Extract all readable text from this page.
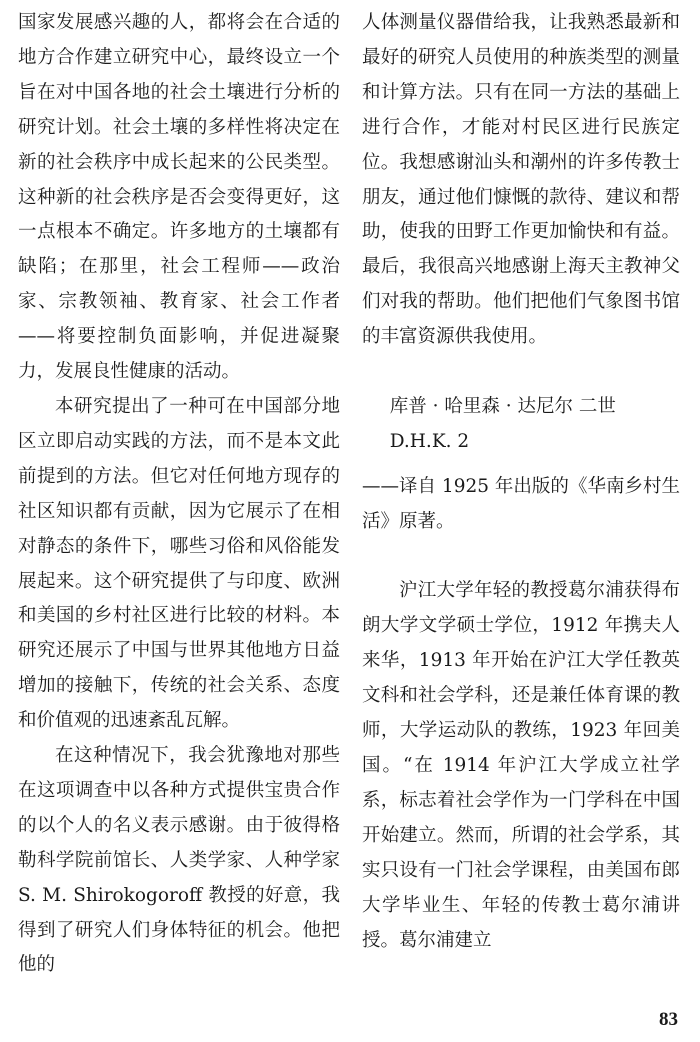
国家发展感兴趣的人，都将会在合适的地方合作建立研究中心，最终设立一个旨在对中国各地的社会土壤进行分析的研究计划。社会土壤的多样性将决定在新的社会秩序中成长起来的公民类型。这种新的社会秩序是否会变得更好，这一点根本不确定。许多地方的土壤都有缺陷；在那里，社会工程师——政治家、宗教领袖、教育家、社会工作者——将要控制负面影响，并促进凝聚力，发展良性健康的活动。

本研究提出了一种可在中国部分地区立即启动实践的方法，而不是本文此前提到的方法。但它对任何地方现存的社区知识都有贡献，因为它展示了在相对静态的条件下，哪些习俗和风俗能发展起来。这个研究提供了与印度、欧洲和美国的乡村社区进行比较的材料。本研究还展示了中国与世界其他地方日益增加的接触下，传统的社会关系、态度和价值观的迅速紊乱瓦解。

在这种情况下，我会犹豫地对那些在这项调查中以各种方式提供宝贵合作的以个人的名义表示感谢。由于彼得格勒科学院前馆长、人类学家、人种学家 S. M. Shirokogoroff 教授的好意，我得到了研究人们身体特征的机会。他把他的

人体测量仪器借给我，让我熟悉最新和最好的研究人员使用的种族类型的测量和计算方法。只有在同一方法的基础上进行合作，才能对村民区进行民族定位。我想感谢汕头和潮州的许多传教士朋友，通过他们慷慨的款待、建议和帮助，使我的田野工作更加愉快和有益。最后，我很高兴地感谢上海天主教神父们对我的帮助。他们把他们气象图书馆的丰富资源供我使用。

库普 · 哈里森 · 达尼尔 二世

D.H.K. 2

——译自 1925 年出版的《华南乡村生活》原著。

沪江大学年轻的教授葛尔浦获得布朗大学文学硕士学位，1912 年携夫人来华，1913 年开始在沪江大学任教英文科和社会学科，还是兼任体育课的教师，大学运动队的教练，1923 年回美国。“在 1914 年沪江大学成立社学系，标志着社会学作为一门学科在中国开始建立。然而，所谓的社会学系，其实只设有一门社会学课程，由美国布郎大学毕业生、年轻的传教士葛尔浦讲授。葛尔浦建立

83
